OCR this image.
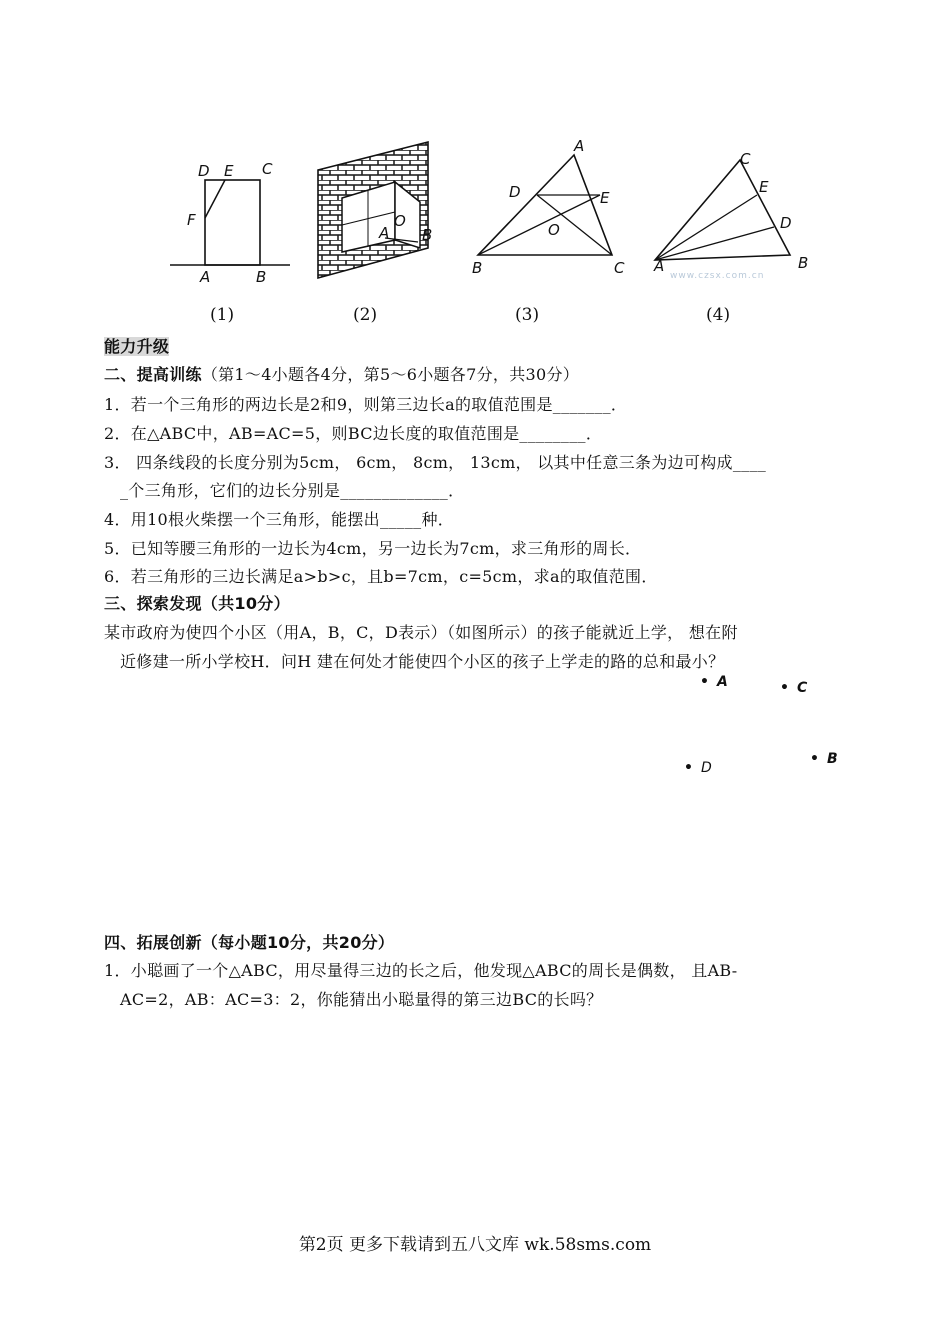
D E C
F
A	B
(1)
A
O
B
(2)
A
D	E
O
B	C
(3)
C
E
D
A	B
www.czsx.com.cn
(4)
能力升级
二、提高训练（第1～4小题各4分，第5～6小题各7分，共30分）
1．若一个三角形的两边长是2和9，则第三边长a的取值范围是_______．
2．在△ABC中，AB=AC=5，则BC边长度的取值范围是________．
3． 四条线段的长度分别为5cm， 6cm， 8cm， 13cm， 以其中任意三条为边可构成____
_个三角形，它们的边长分别是_____________．
4．用10根火柴摆一个三角形，能摆出_____种．
5．已知等腰三角形的一边长为4cm，另一边长为7cm，求三角形的周长．
6．若三角形的三边长满足a>b>c，且b=7cm，c=5cm，求a的取值范围．
三、探索发现（共10分）
某市政府为使四个小区（用A，B，C，D表示）（如图所示）的孩子能就近上学， 想在附
近修建一所小学校H．问H 建在何处才能使四个小区的孩子上学走的路的总和最小？
• A	• C
• D
• B
四、拓展创新（每小题10分，共20分）
1．小聪画了一个△ABC，用尽量得三边的长之后，他发现△ABC的周长是偶数， 且AB-
AC=2，AB：AC=3：2，你能猜出小聪量得的第三边BC的长吗？
第2页 更多下载请到五八文库 wk.58sms.com
